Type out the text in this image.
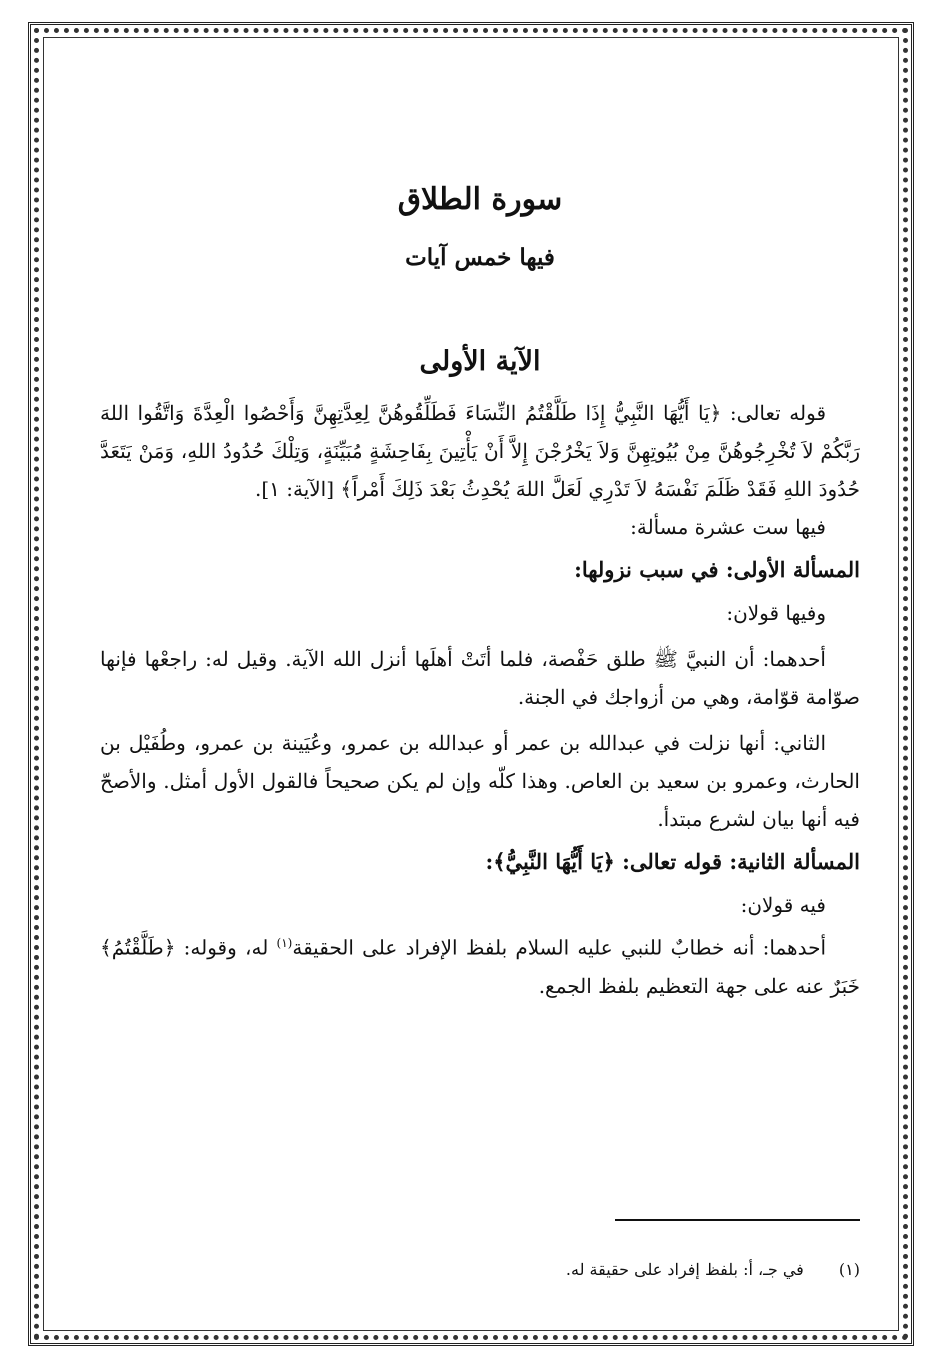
سورة الطلاق
فيها خمس آيات
الآية الأولى

قوله تعالى: ﴿يَا أَيُّهَا النَّبِيُّ إِذَا طَلَّقْتُمُ النِّسَاءَ فَطَلِّقُوهُنَّ لِعِدَّتِهِنَّ وَأَحْصُوا الْعِدَّةَ وَاتَّقُوا اللهَ رَبَّكُمْ لاَ تُخْرِجُوهُنَّ مِنْ بُيُوتِهِنَّ وَلاَ يَخْرُجْنَ إِلاَّ أَنْ يَأْتِينَ بِفَاحِشَةٍ مُبَيِّنَةٍ، وَتِلْكَ حُدُودُ اللهِ، وَمَنْ يَتَعَدَّ حُدُودَ اللهِ فَقَدْ ظَلَمَ نَفْسَهُ لاَ تَدْرِي لَعَلَّ اللهَ يُحْدِثُ بَعْدَ ذَلِكَ أَمْراً﴾ [الآية: ١].

فيها ست عشرة مسألة:

المسألة الأولى: في سبب نزولها:

وفيها قولان:

أحدهما: أن النبيَّ ﷺ طلق حَفْصة، فلما أتَتْ أهلَها أنزل الله الآية. وقيل له: راجعْها فإنها صوّامة قوّامة، وهي من أزواجك في الجنة.

الثاني: أنها نزلت في عبدالله بن عمر أو عبدالله بن عمرو، وعُيَينة بن عمرو، وطُفَيْل بن الحارث، وعمرو بن سعيد بن العاص. وهذا كلّه وإن لم يكن صحيحاً فالقول الأول أمثل. والأصحّ فيه أنها بيان لشرع مبتدأ.

المسألة الثانية: قوله تعالى: ﴿يَا أَيُّهَا النَّبِيُّ﴾:

فيه قولان:

أحدهما: أنه خطابٌ للنبي عليه السلام بلفظ الإفراد على الحقيقة$^{(١)}$ له، وقوله: ﴿طَلَّقْتُمُ﴾ خَبَرٌ عنه على جهة التعظيم بلفظ الجمع.

(١) في جـ، أ: بلفظ إفراد على حقيقة له.
